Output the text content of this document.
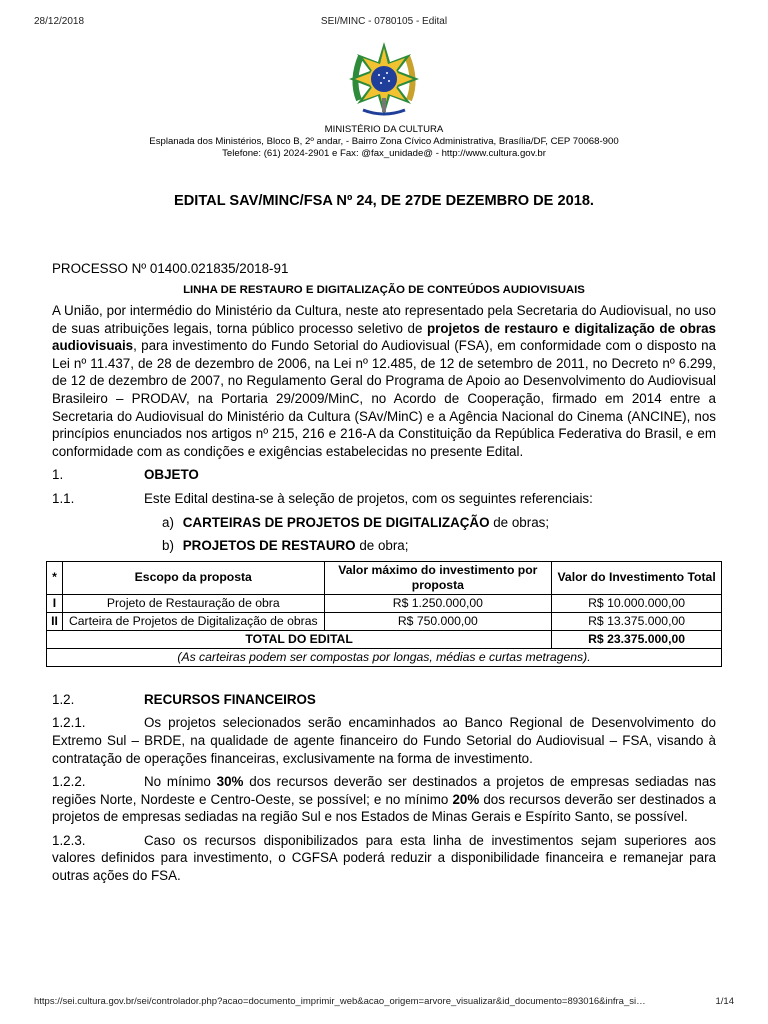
28/12/2018	SEI/MINC - 0780105 - Edital
MINISTÉRIO DA CULTURA
Esplanada dos Ministérios, Bloco B, 2º andar, - Bairro Zona Cívico Administrativa, Brasília/DF, CEP 70068-900
Telefone: (61) 2024-2901 e Fax: @fax_unidade@ - http://www.cultura.gov.br
EDITAL SAV/MINC/FSA Nº 24, DE 27DE DEZEMBRO DE 2018.
PROCESSO Nº 01400.021835/2018-91
LINHA DE RESTAURO E DIGITALIZAÇÃO DE CONTEÚDOS AUDIOVISUAIS

A União, por intermédio do Ministério da Cultura, neste ato representado pela Secretaria do Audiovisual, no uso de suas atribuições legais, torna público processo seletivo de projetos de restauro e digitalização de obras audiovisuais, para investimento do Fundo Setorial do Audiovisual (FSA), em conformidade com o disposto na Lei nº 11.437, de 28 de dezembro de 2006, na Lei nº 12.485, de 12 de setembro de 2011, no Decreto nº 6.299, de 12 de dezembro de 2007, no Regulamento Geral do Programa de Apoio ao Desenvolvimento do Audiovisual Brasileiro – PRODAV, na Portaria 29/2009/MinC, no Acordo de Cooperação, firmado em 2014 entre a Secretaria do Audiovisual do Ministério da Cultura (SAv/MinC) e a Agência Nacional do Cinema (ANCINE), nos princípios enunciados nos artigos nº 215, 216 e 216-A da Constituição da República Federativa do Brasil, e em conformidade com as condições e exigências estabelecidas no presente Edital.

1.	OBJETO
1.1.	Este Edital destina-se à seleção de projetos, com os seguintes referenciais:
a) CARTEIRAS DE PROJETOS DE DIGITALIZAÇÃO de obras;
b) PROJETOS DE RESTAURO de obra;
*	Escopo da proposta	Valor máximo do investimento por proposta	Valor do Investimento Total
I	Projeto de Restauração de obra	R$ 1.250.000,00	R$ 10.000.000,00
II	Carteira de Projetos de Digitalização de obras	R$ 750.000,00	R$ 13.375.000,00
TOTAL DO EDITAL			R$ 23.375.000,00
(As carteiras podem ser compostas por longas, médias e curtas metragens).			
1.2.	RECURSOS FINANCEIROS

1.2.1.	Os projetos selecionados serão encaminhados ao Banco Regional de Desenvolvimento do Extremo Sul – BRDE, na qualidade de agente financeiro do Fundo Setorial do Audiovisual – FSA, visando à contratação de operações financeiras, exclusivamente na forma de investimento.

1.2.2.	No mínimo 30% dos recursos deverão ser destinados a projetos de empresas sediadas nas regiões Norte, Nordeste e Centro-Oeste, se possível; e no mínimo 20% dos recursos deverão ser destinados a projetos de empresas sediadas na região Sul e nos Estados de Minas Gerais e Espírito Santo, se possível.

1.2.3.	Caso os recursos disponibilizados para esta linha de investimentos sejam superiores aos valores definidos para investimento, o CGFSA poderá reduzir a disponibilidade financeira e remanejar para outras ações do FSA.

https://sei.cultura.gov.br/sei/controlador.php?acao=documento_imprimir_web&acao_origem=arvore_visualizar&id_documento=893016&infra_si…	1/14
